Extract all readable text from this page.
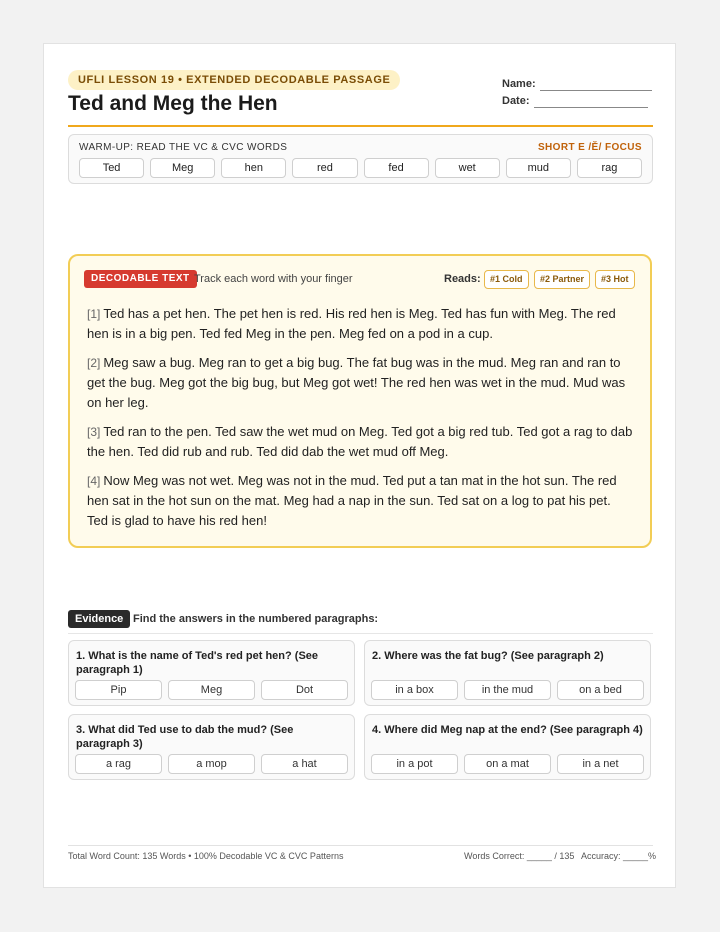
UFLI LESSON 19 • EXTENDED DECODABLE PASSAGE
Ted and Meg the Hen
Name:
Date:
WARM-UP: READ THE VC & CVC WORDS	SHORT E /Ĕ/ FOCUS
Ted	Meg	hen	red	fed	wet	mud	rag
DECODABLE TEXT Track each word with your finger	Reads:	#1 Cold	#2 Partner	#3 Hot

[1] Ted has a pet hen. The pet hen is red. His red hen is Meg. Ted has fun with Meg. The red hen is in a big pen. Ted fed Meg in the pen. Meg fed on a pod in a cup.

[2] Meg saw a bug. Meg ran to get a big bug. The fat bug was in the mud. Meg ran and ran to get the bug. Meg got the big bug, but Meg got wet! The red hen was wet in the mud. Mud was on her leg.

[3] Ted ran to the pen. Ted saw the wet mud on Meg. Ted got a big red tub. Ted got a rag to dab the hen. Ted did rub and rub. Ted did dab the wet mud off Meg.

[4] Now Meg was not wet. Meg was not in the mud. Ted put a tan mat in the hot sun. The red hen sat in the hot sun on the mat. Meg had a nap in the sun. Ted sat on a log to pat his pet. Ted is glad to have his red hen!

Evidence Find the answers in the numbered paragraphs:
1. What is the name of Ted's red pet hen? (See paragraph 1)
Pip	Meg	Dot
2. Where was the fat bug? (See paragraph 2)
in a box	in the mud	on a bed
3. What did Ted use to dab the mud? (See paragraph 3)
a rag	a mop	a hat
4. Where did Meg nap at the end? (See paragraph 4)
in a pot	on a mat	in a net
Total Word Count: 135 Words • 100% Decodable VC & CVC Patterns	Words Correct: _____ / 135 Accuracy: _____%
